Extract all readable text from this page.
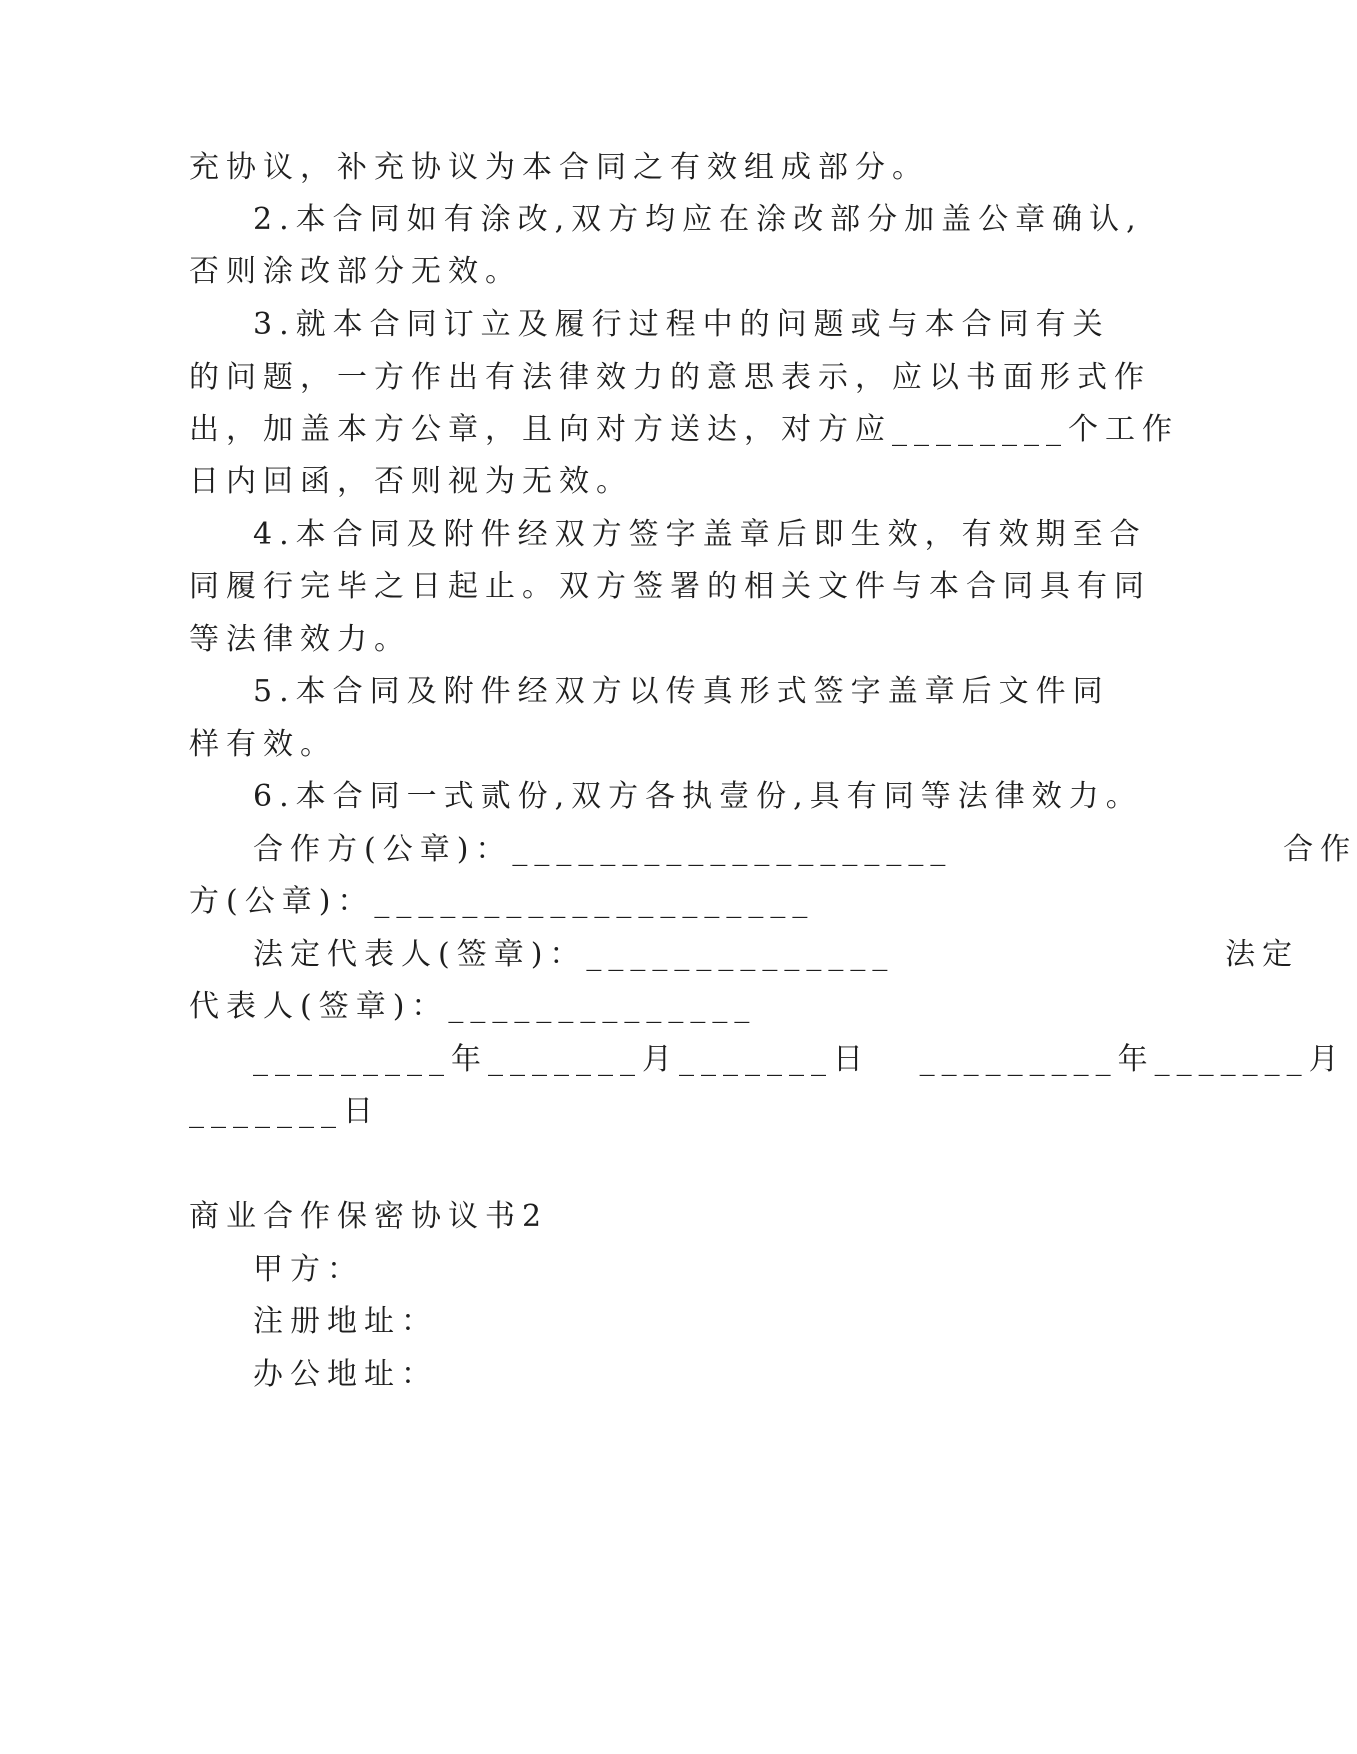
充协议，补充协议为本合同之有效组成部分。
2.本合同如有涂改,双方均应在涂改部分加盖公章确认,
否则涂改部分无效。
3.就本合同订立及履行过程中的问题或与本合同有关
的问题，一方作出有法律效力的意思表示，应以书面形式作
出，加盖本方公章，且向对方送达，对方应________个工作
日内回函，否则视为无效。
4.本合同及附件经双方签字盖章后即生效，有效期至合
同履行完毕之日起止。双方签署的相关文件与本合同具有同
等法律效力。
5.本合同及附件经双方以传真形式签字盖章后文件同
样有效。
6.本合同一式贰份,双方各执壹份,具有同等法律效力。
合作方(公章)：____________________                    合作
方(公章)：____________________
法定代表人(签章)：______________                    法定
代表人(签章)：______________
_________年_______月_______日   _________年_______月
_______日
商业合作保密协议书2
甲方：
注册地址：
办公地址：
